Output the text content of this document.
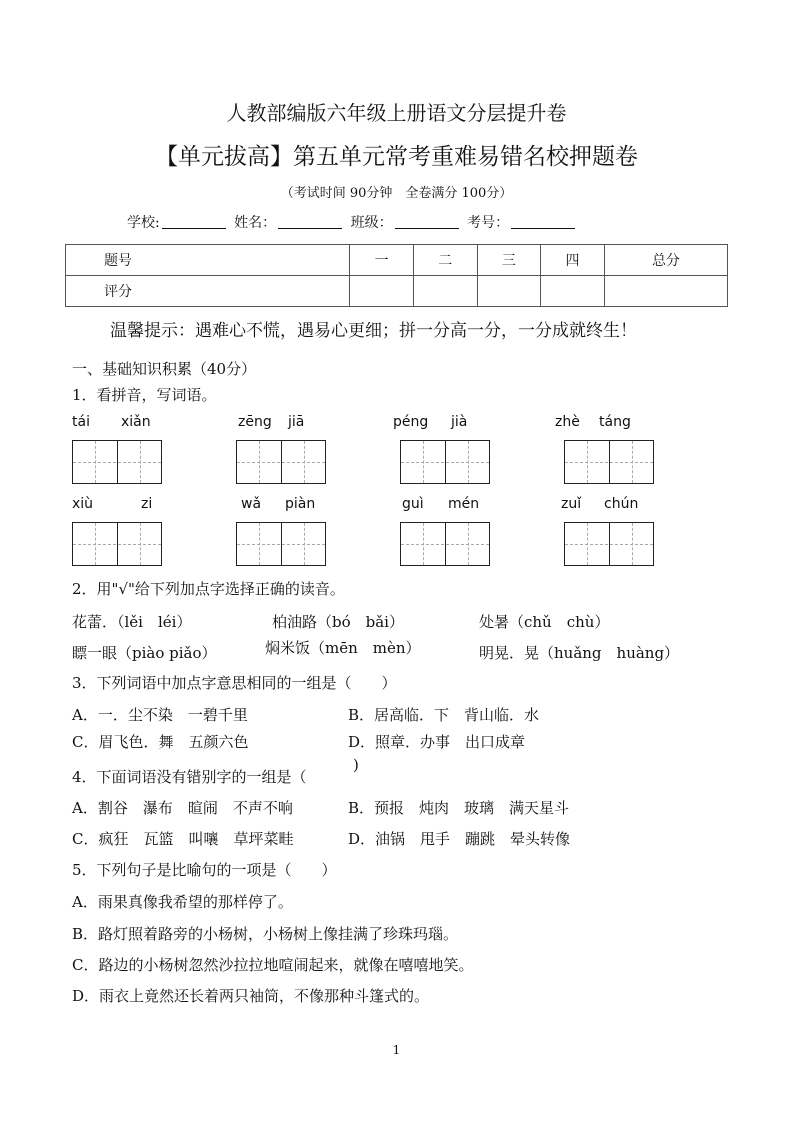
人教部编版六年级上册语文分层提升卷
【单元拔高】第五单元常考重难易错名校押题卷
（考试时间 90分钟　全卷满分 100分）
学校:	姓名：	班级：	考号：
题号	一	二	三	四	总分
评分					
温馨提示：遇难心不慌，遇易心更细；拼一分高一分，一分成就终生！
一、基础知识积累（40分）
1．看拼音，写词语。
tái xiǎn	zēng jiā	péng jià	zhè táng
xiù	zi	wǎ piàn	guì mén	zuǐ chún
2．用"√"给下列加点字选择正确的读音。
花蕾．（lěi　léi）	柏油路（bó　bǎi）	处暑（chǔ　chù）
瞟一眼（piào piǎo）	焖米饭（mēn　mèn）	明晃．晃（huǎng　huàng）
3．下列词语中加点字意思相同的一组是（　　）
A．一．尘不染　一碧千里	B．居高临．下　背山临．水
C．眉飞色．舞　五颜六色	D．照章．办事　出口成章
)
4．下面词语没有错别字的一组是（
A．割谷　瀑布　暄闹　不声不响	B．预报　炖肉　玻璃　满天星斗
C．疯狂　瓦篮　叫嚷　草坪菜畦	D．油锅　甩手　蹦跳　晕头转像
5．下列句子是比喻句的一项是（　　）
A．雨果真像我希望的那样停了。
B．路灯照着路旁的小杨树，小杨树上像挂满了珍珠玛瑙。
C．路边的小杨树忽然沙拉拉地喧闹起来，就像在嘻嘻地笑。
D．雨衣上竟然还长着两只袖筒，不像那种斗篷式的。
1
